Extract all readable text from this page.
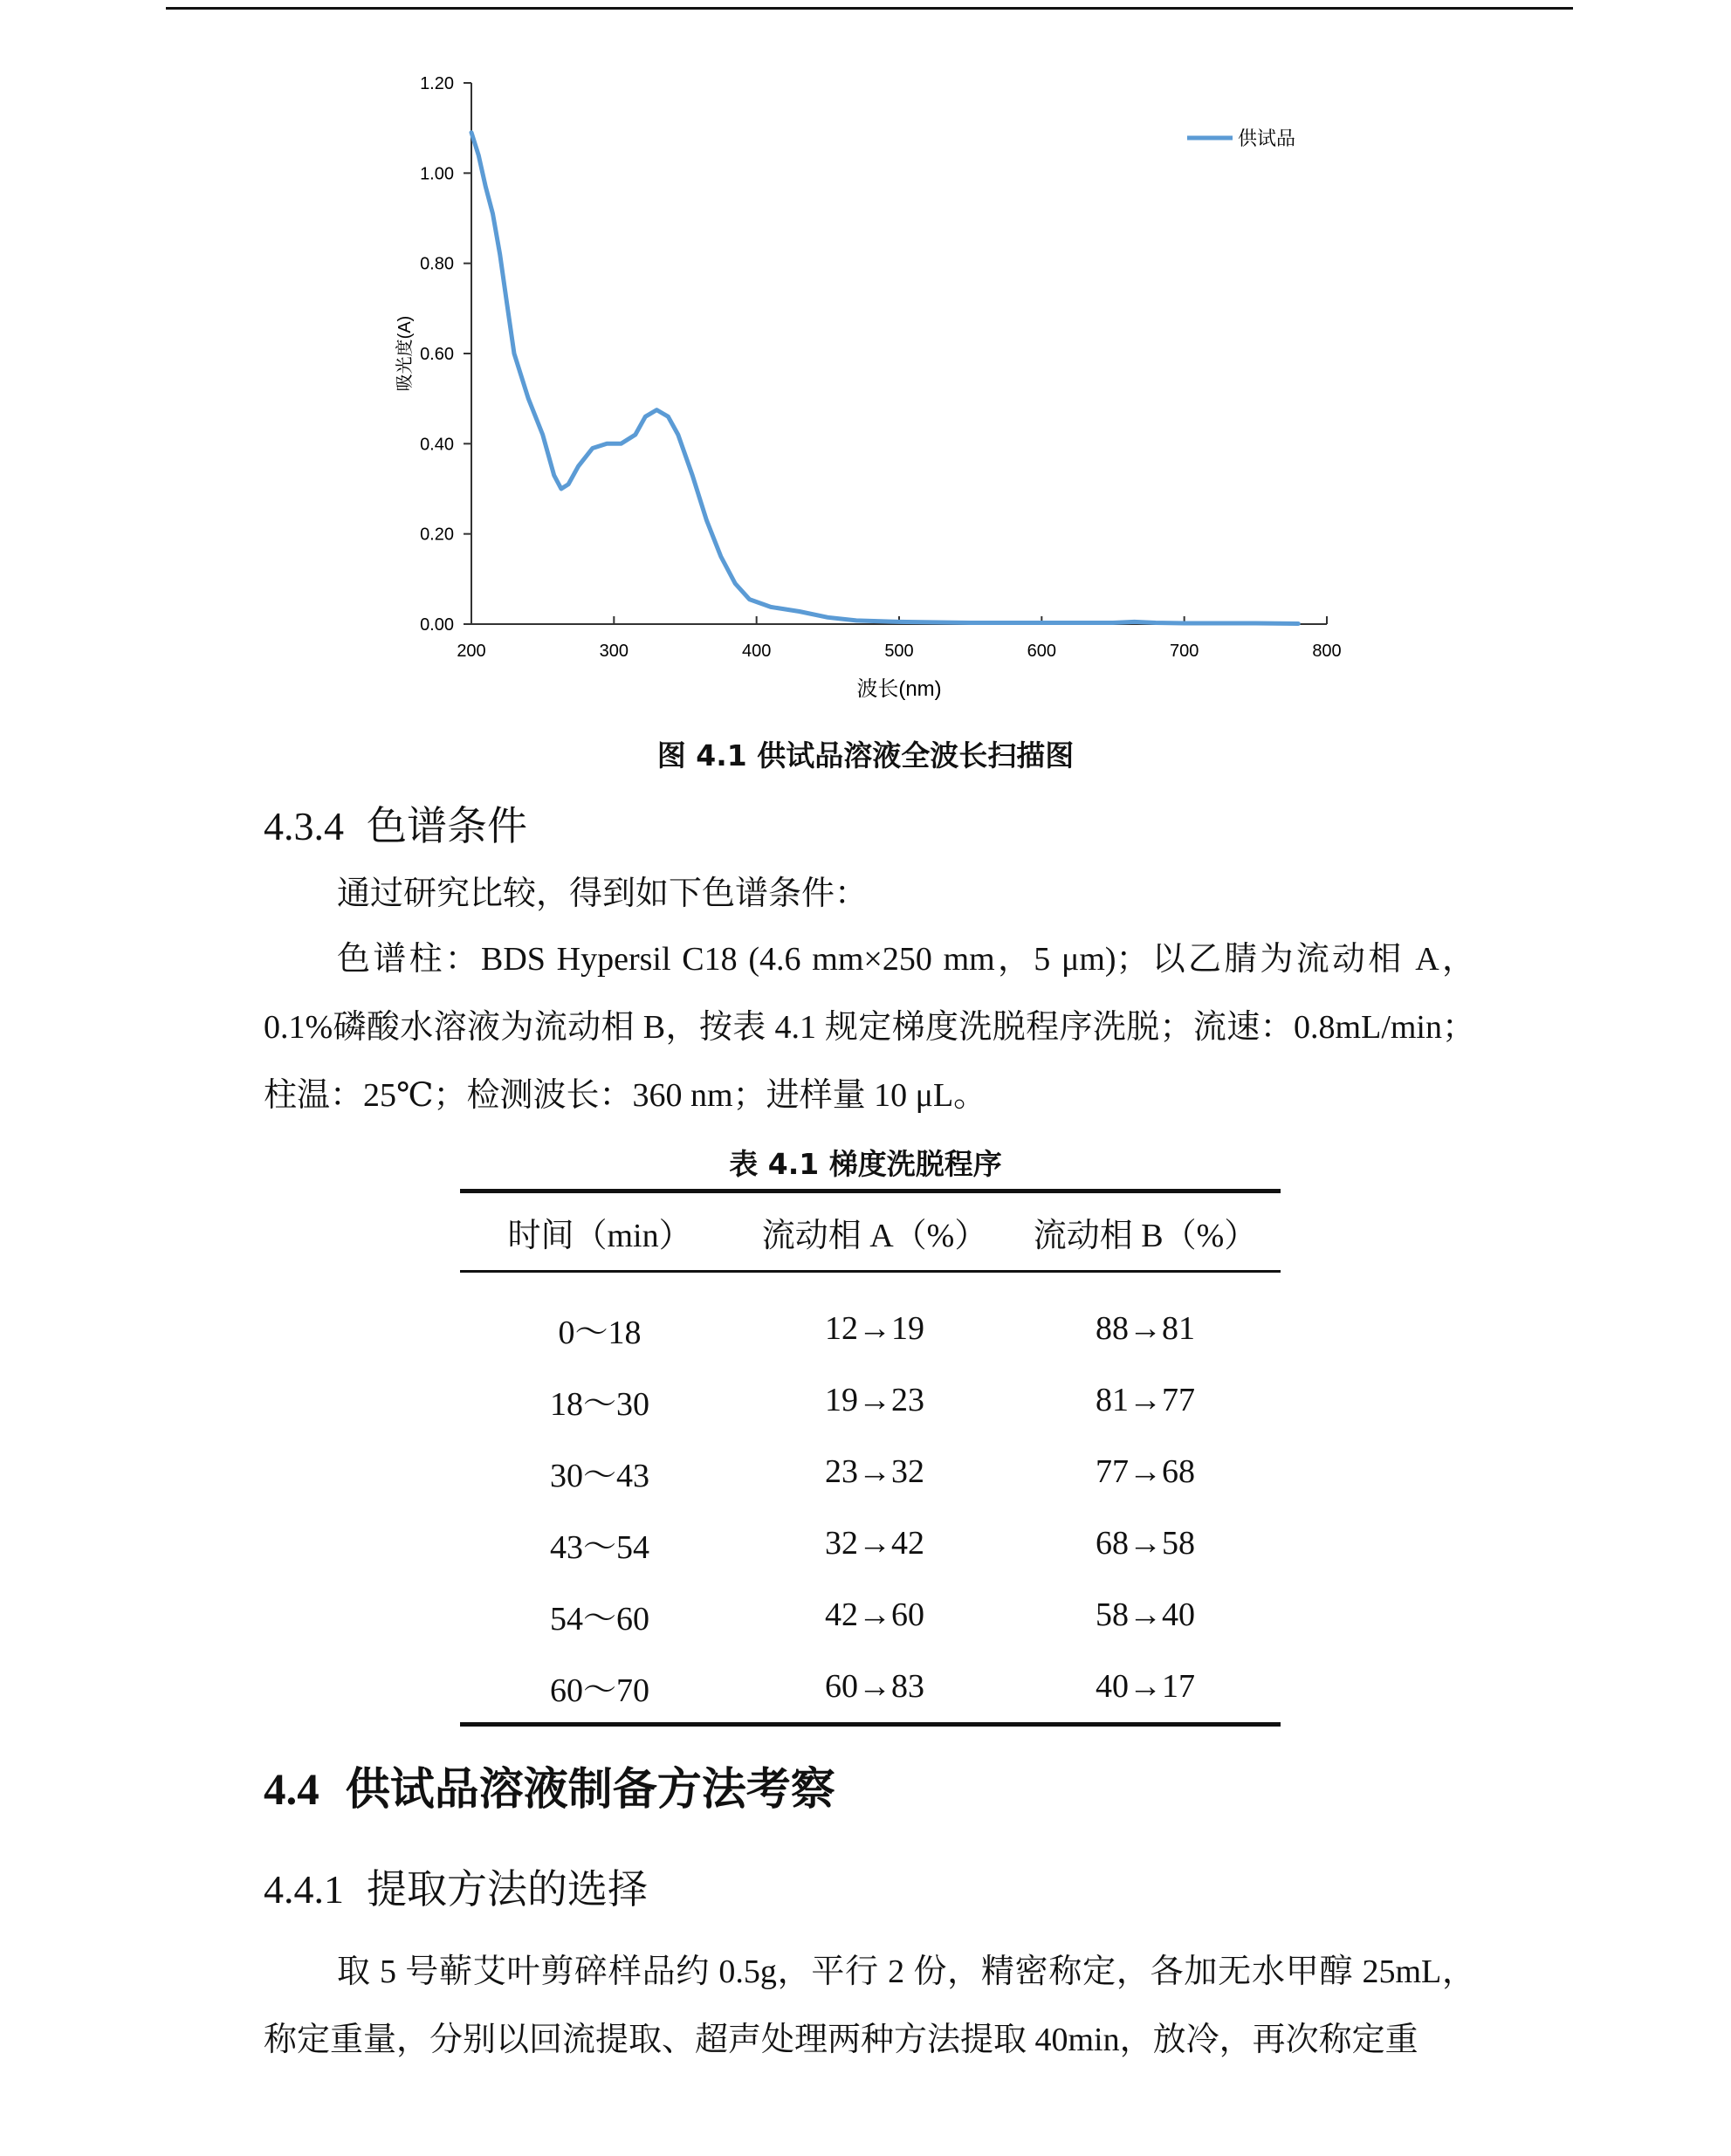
0.00
0.20
0.40
0.60
0.80
1.00
1.20
200	300	400	500	600	700	800
吸光度(A)
波长(nm)
供试品
图 4.1 供试品溶液全波长扫描图
4.3.4 色谱条件

通过研究比较，得到如下色谱条件：

色谱柱：BDS Hypersil C18 (4.6 mm×250 mm，5 μm)；以乙腈为流动相 A，0.1%磷酸水溶液为流动相 B，按表 4.1 规定梯度洗脱程序洗脱；流速：0.8mL/min；柱温：25℃；检测波长：360 nm；进样量 10 μL。

表 4.1 梯度洗脱程序
时间（min）	流动相 A（%）	流动相 B（%）
0～18	12→19	88→81
18～30	19→23	81→77
30～43	23→32	77→68
43～54	32→42	68→58
54～60	42→60	58→40
60～70	60→83	40→17
4.4 供试品溶液制备方法考察
4.4.1 提取方法的选择

取 5 号蕲艾叶剪碎样品约 0.5g，平行 2 份，精密称定，各加无水甲醇 25mL，称定重量，分别以回流提取、超声处理两种方法提取 40min，放冷，再次称定重
